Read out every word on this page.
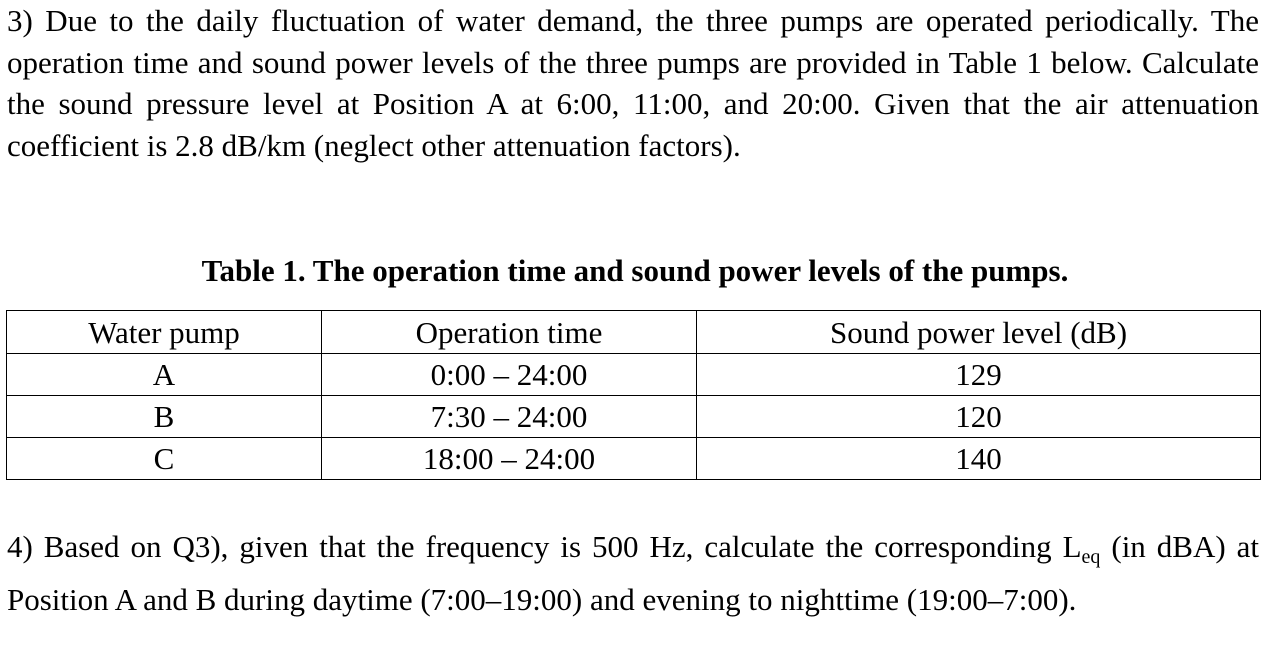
3) Due to the daily fluctuation of water demand, the three pumps are operated periodically. The operation time and sound power levels of the three pumps are provided in Table 1 below. Calculate the sound pressure level at Position A at 6:00, 11:00, and 20:00. Given that the air attenuation coefficient is 2.8 dB/km (neglect other attenuation factors).

Table 1. The operation time and sound power levels of the pumps.

Water pump	Operation time	Sound power level (dB)
A	0:00 – 24:00	129
B	7:30 – 24:00	120
C	18:00 – 24:00	140

4) Based on Q3), given that the frequency is 500 Hz, calculate the corresponding $L_{eq}$ (in dBA) at Position A and B during daytime (7:00–19:00) and evening to nighttime (19:00–7:00).
